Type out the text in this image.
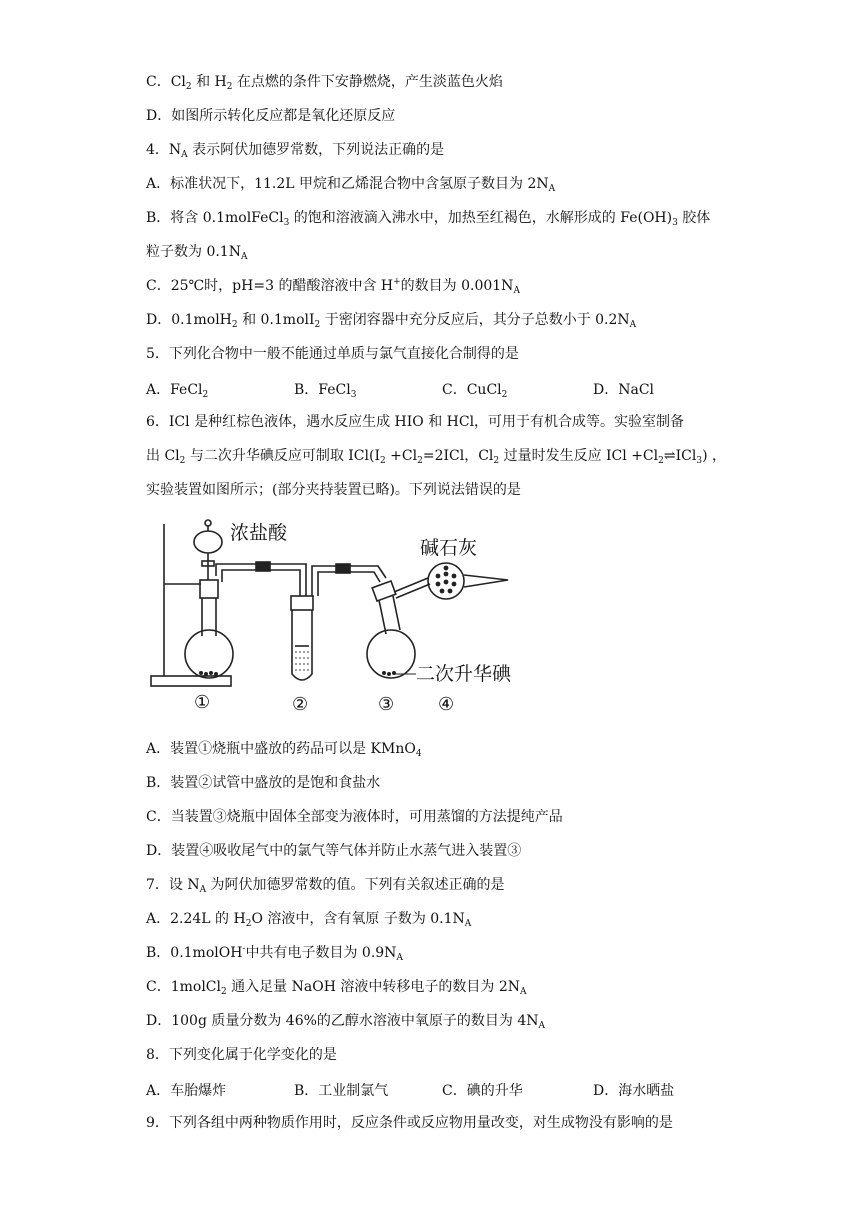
C．$Cl_2$ 和 $H_2$ 在点燃的条件下安静燃烧，产生淡蓝色火焰
D．如图所示转化反应都是氧化还原反应
4．$N_A$ 表示阿伏加德罗常数，下列说法正确的是
A．标准状况下，11.2L 甲烷和乙烯混合物中含氢原子数目为 $2N_A$
B．将含 0.1molFeCl$_3$ 的饱和溶液滴入沸水中，加热至红褐色，水解形成的 $Fe(OH)_3$ 胶体
粒子数为 $0.1N_A$
C．25℃时，pH=3 的醋酸溶液中含 H+的数目为 $0.001N_A$
D．0.1molH$_2$ 和 0.1molI$_2$ 于密闭容器中充分反应后，其分子总数小于 $0.2N_A$
5．下列化合物中一般不能通过单质与氯气直接化合制得的是
A．FeCl$_2$	B．FeCl$_3$	C．CuCl$_2$	D．NaCl
6．ICl 是种红棕色液体，遇水反应生成 HIO 和 HCl，可用于有机合成等。实验室制备
出 $Cl_2$ 与二次升华碘反应可制取 $ICl(I_2 +Cl_2=2ICl$，$Cl_2$ 过量时发生反应 ICl $+Cl_2\rightleftharpoons ICl_3$) ，
实验装置如图所示；(部分夹持装置已略)。下列说法错误的是
浓盐酸
碱石灰
二次升华碘
①	②	③ ④
A．装置①烧瓶中盛放的药品可以是 KMnO$_4$
B．装置②试管中盛放的是饱和食盐水
C．当装置③烧瓶中固体全部变为液体时，可用蒸馏的方法提纯产品
D．装置④吸收尾气中的氯气等气体并防止水蒸气进入装置③
7．设 $N_A$ 为阿伏加德罗常数的值。下列有关叙述正确的是
A．2.24L 的 $H_2O$ 溶液中，含有氧原 子数为 $0.1N_A$
B．0.1molOH-中共有电子数目为 $0.9N_A$
C．1molCl$_2$ 通入足量 NaOH 溶液中转移电子的数目为 $2N_A$
D．100g 质量分数为 46%的乙醇水溶液中氧原子的数目为 $4N_A$
8．下列变化属于化学变化的是
A．车胎爆炸	B．工业制氯气	C．碘的升华	D．海水晒盐
9．下列各组中两种物质作用时，反应条件或反应物用量改变，对生成物没有影响的是
